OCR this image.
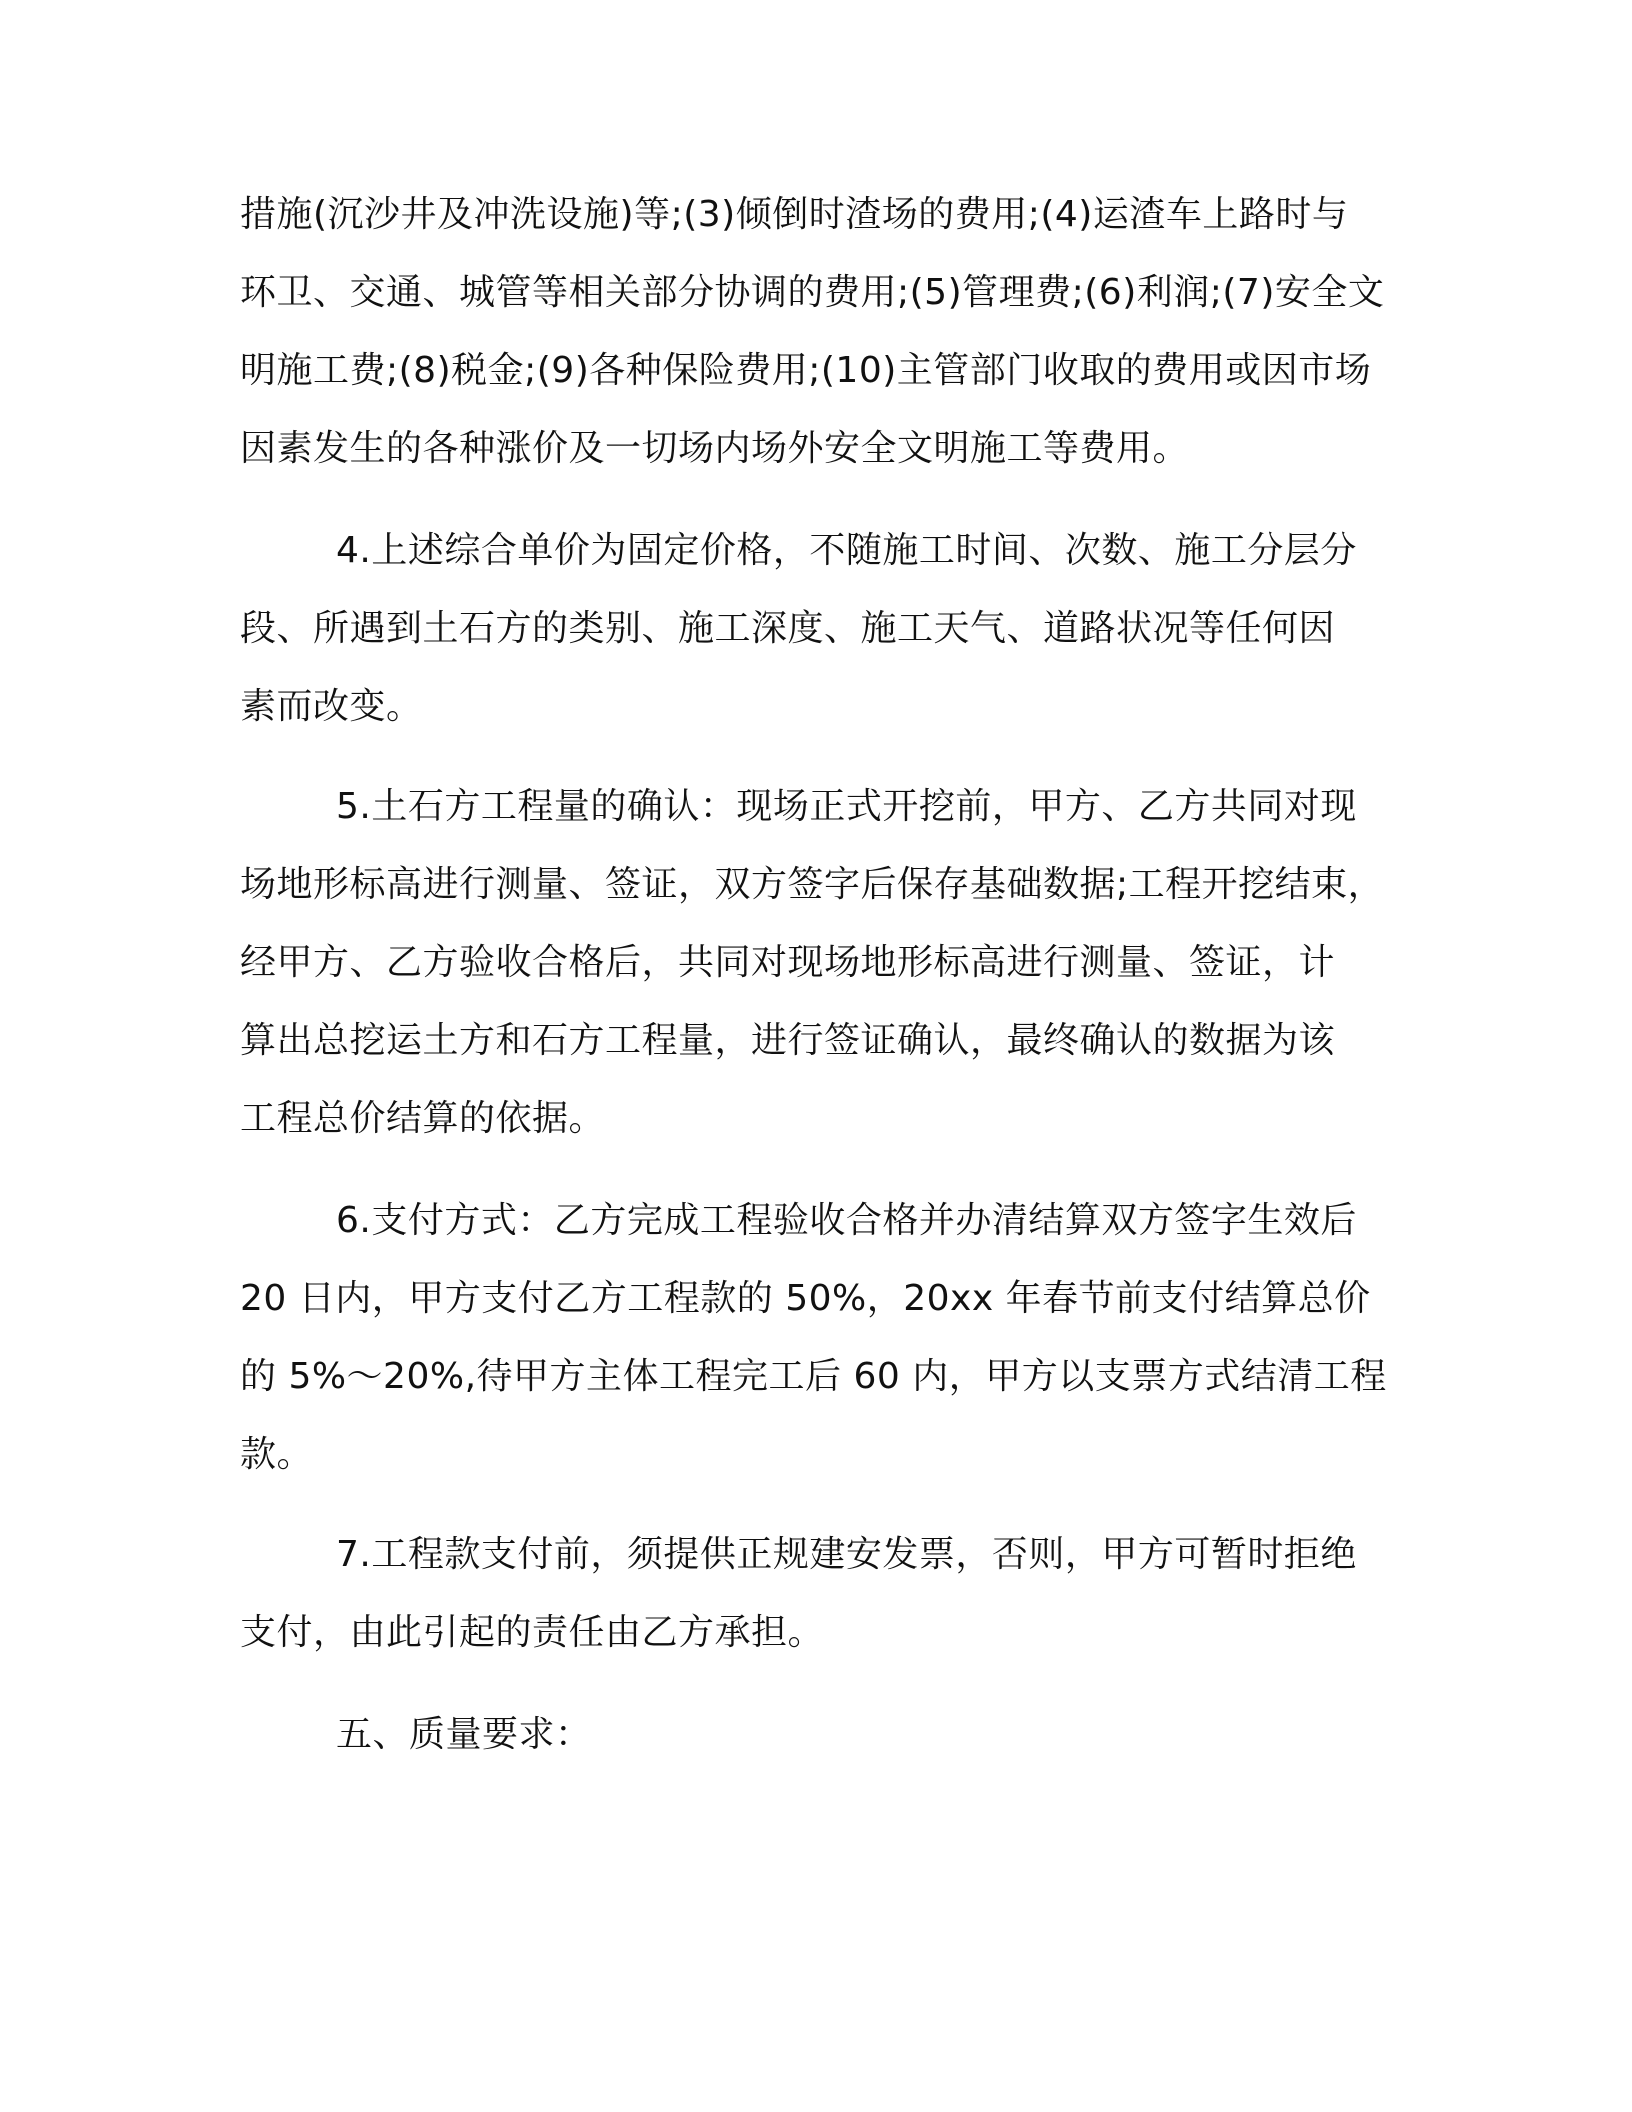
措施(沉沙井及冲洗设施)等;(3)倾倒时渣场的费用;(4)运渣车上路时与
环卫、交通、城管等相关部分协调的费用;(5)管理费;(6)利润;(7)安全文
明施工费;(8)税金;(9)各种保险费用;(10)主管部门收取的费用或因市场
因素发生的各种涨价及一切场内场外安全文明施工等费用。
4.上述综合单价为固定价格，不随施工时间、次数、施工分层分
段、所遇到土石方的类别、施工深度、施工天气、道路状况等任何因
素而改变。
5.土石方工程量的确认：现场正式开挖前，甲方、乙方共同对现
场地形标高进行测量、签证，双方签字后保存基础数据;工程开挖结束，
经甲方、乙方验收合格后，共同对现场地形标高进行测量、签证，计
算出总挖运土方和石方工程量，进行签证确认，最终确认的数据为该
工程总价结算的依据。
6.支付方式：乙方完成工程验收合格并办清结算双方签字生效后
20 日内，甲方支付乙方工程款的 50%，20xx 年春节前支付结算总价
的 5%～20%,待甲方主体工程完工后 60 内，甲方以支票方式结清工程
款。
7.工程款支付前，须提供正规建安发票，否则，甲方可暂时拒绝
支付，由此引起的责任由乙方承担。
五、质量要求：
